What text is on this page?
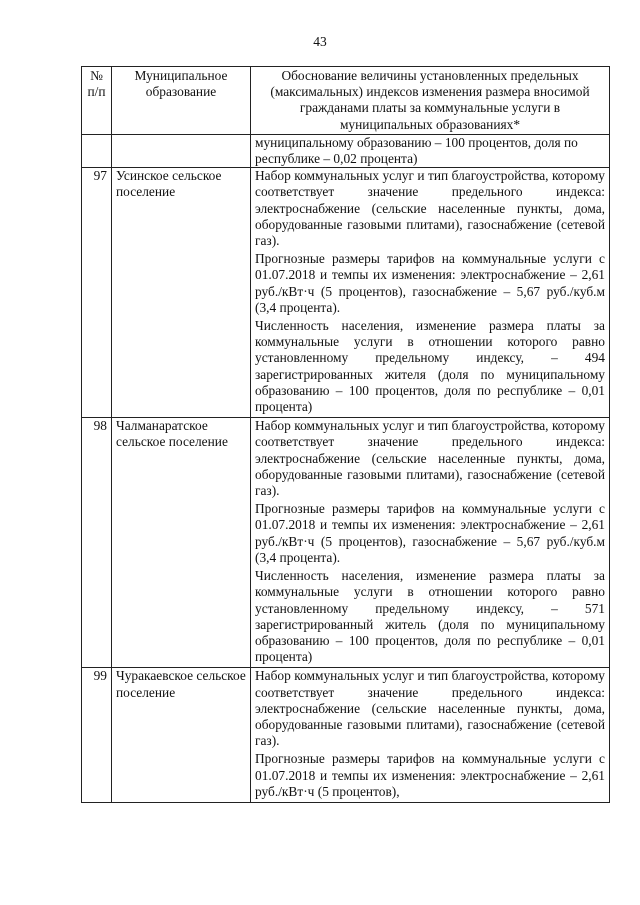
43
№ п/п	Муниципальное образование	Обоснование величины установленных предельных (максимальных) индексов изменения размера вносимой гражданами платы за коммунальные услуги в муниципальных образованиях*

		муниципальному образованию – 100 процентов, доля по республике – 0,02 процента)

97	Усинское сельское поселение	Набор коммунальных услуг и тип благоустройства, которому соответствует значение предельного индекса: электроснабжение (сельские населенные пункты, дома, оборудованные газовыми плитами), газоснабжение (сетевой газ).

Прогнозные размеры тарифов на коммунальные услуги с 01.07.2018 и темпы их изменения: электроснабжение – 2,61 руб./кВт·ч (5 процентов), газоснабжение – 5,67 руб./куб.м (3,4 процента).

Численность населения, изменение размера платы за коммунальные услуги в отношении которого равно установленному предельному индексу, – 494 зарегистрированных жителя (доля по муниципальному образованию – 100 процентов, доля по республике – 0,01 процента)

98	Чалманаратское сельское поселение	Набор коммунальных услуг и тип благоустройства, которому соответствует значение предельного индекса: электроснабжение (сельские населенные пункты, дома, оборудованные газовыми плитами), газоснабжение (сетевой газ).

Прогнозные размеры тарифов на коммунальные услуги с 01.07.2018 и темпы их изменения: электроснабжение – 2,61 руб./кВт·ч (5 процентов), газоснабжение – 5,67 руб./куб.м (3,4 процента).

Численность населения, изменение размера платы за коммунальные услуги в отношении которого равно установленному предельному индексу, – 571 зарегистрированный житель (доля по муниципальному образованию – 100 процентов, доля по республике – 0,01 процента)

99	Чуракаевское сельское поселение	Набор коммунальных услуг и тип благоустройства, которому соответствует значение предельного индекса: электроснабжение (сельские населенные пункты, дома, оборудованные газовыми плитами), газоснабжение (сетевой газ).

Прогнозные размеры тарифов на коммунальные услуги с 01.07.2018 и темпы их изменения: электроснабжение – 2,61 руб./кВт·ч (5 процентов),
